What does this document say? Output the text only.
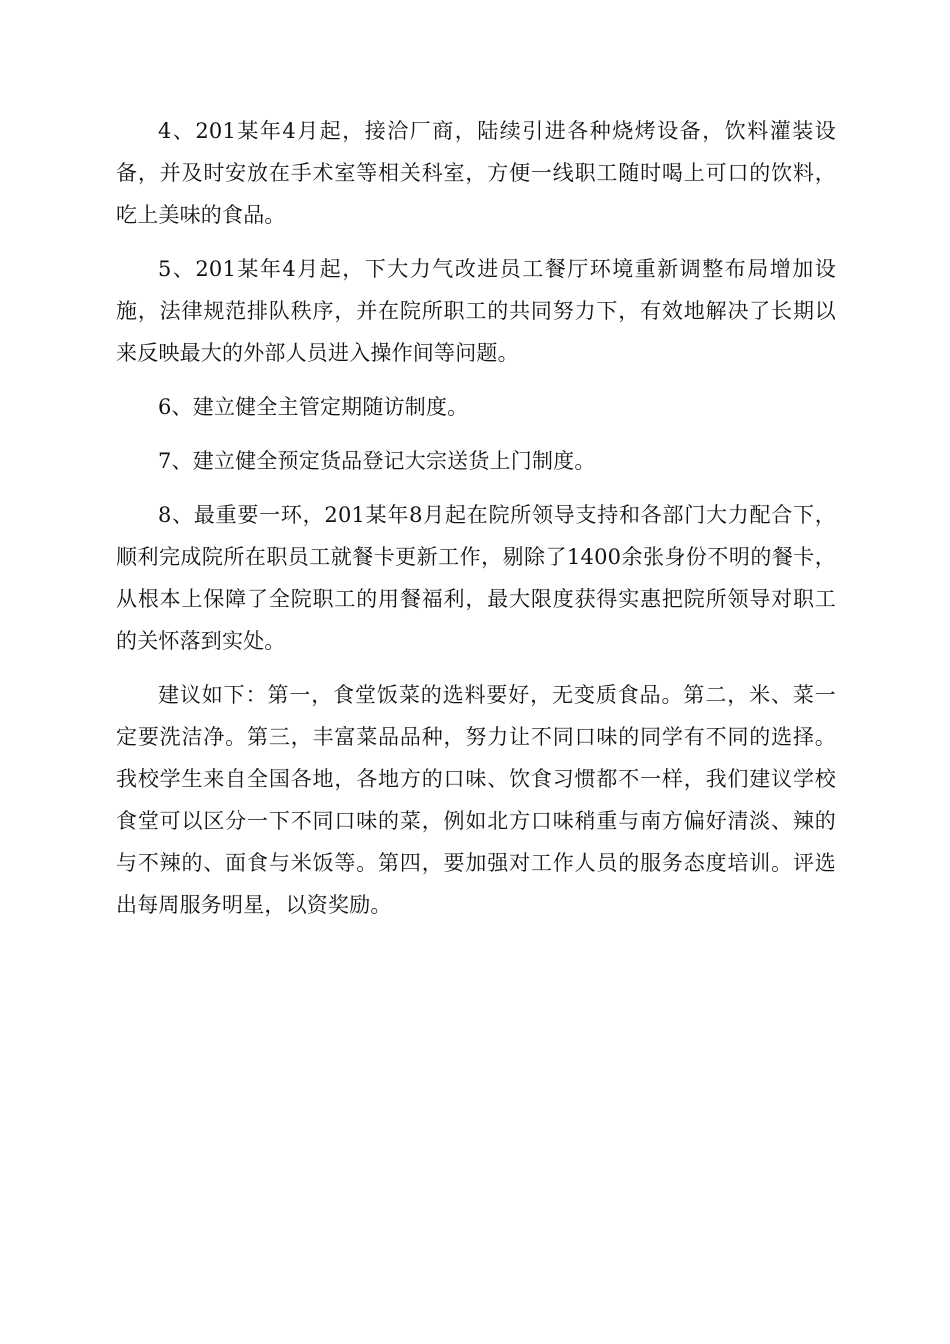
4、201某年4月起，接洽厂商，陆续引进各种烧烤设备，饮料灌装设备，并及时安放在手术室等相关科室，方便一线职工随时喝上可口的饮料，吃上美味的食品。

5、201某年4月起，下大力气改进员工餐厅环境重新调整布局增加设施，法律规范排队秩序，并在院所职工的共同努力下，有效地解决了长期以来反映最大的外部人员进入操作间等问题。

6、建立健全主管定期随访制度。

7、建立健全预定货品登记大宗送货上门制度。

8、最重要一环，201某年8月起在院所领导支持和各部门大力配合下，顺利完成院所在职员工就餐卡更新工作，剔除了1400余张身份不明的餐卡，从根本上保障了全院职工的用餐福利，最大限度获得实惠把院所领导对职工的关怀落到实处。

建议如下：第一，食堂饭菜的选料要好，无变质食品。第二，米、菜一定要洗洁净。第三，丰富菜品品种，努力让不同口味的同学有不同的选择。我校学生来自全国各地，各地方的口味、饮食习惯都不一样，我们建议学校食堂可以区分一下不同口味的菜，例如北方口味稍重与南方偏好清淡、辣的与不辣的、面食与米饭等。第四，要加强对工作人员的服务态度培训。评选出每周服务明星，以资奖励。
